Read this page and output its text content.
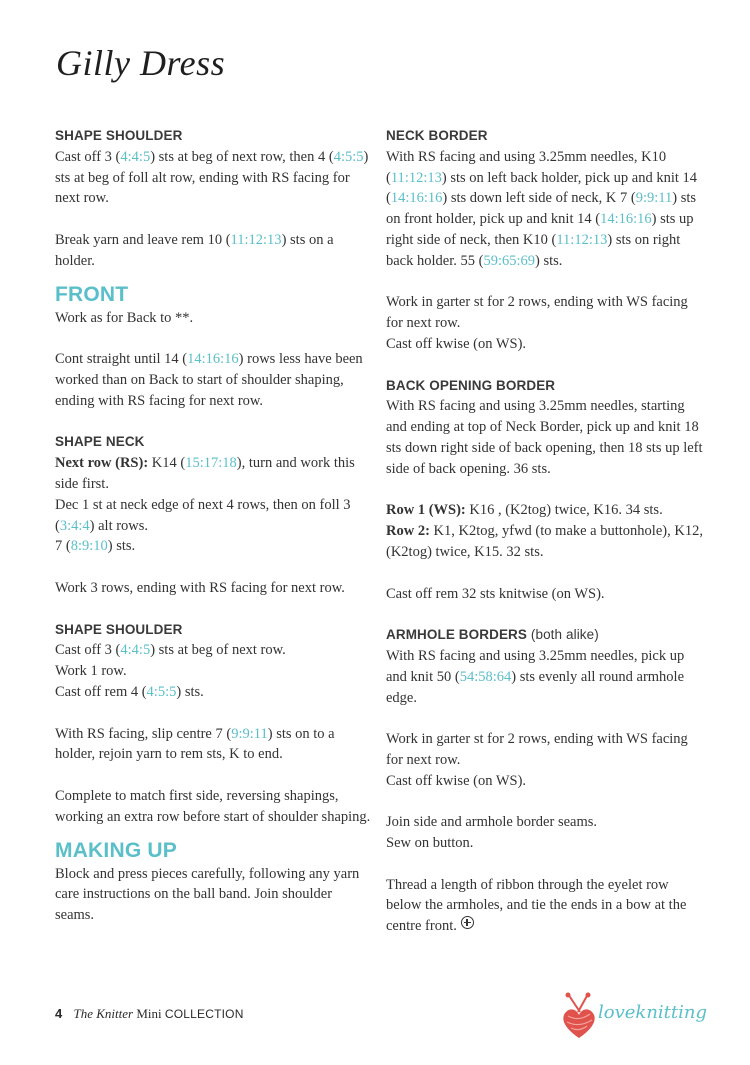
Gilly Dress

SHAPE SHOULDER

Cast off 3 (4:4:5) sts at beg of next row, then 4 (4:5:5) sts at beg of foll alt row, ending with RS facing for next row.

Break yarn and leave rem 10 (11:12:13) sts on a holder.

FRONT

Work as for Back to **.

Cont straight until 14 (14:16:16) rows less have been worked than on Back to start of shoulder shaping, ending with RS facing for next row.

SHAPE NECK

Next row (RS): K14 (15:17:18), turn and work this side first.

Dec 1 st at neck edge of next 4 rows, then on foll 3 (3:4:4) alt rows.

7 (8:9:10) sts.

Work 3 rows, ending with RS facing for next row.

SHAPE SHOULDER

Cast off 3 (4:4:5) sts at beg of next row.

Work 1 row.

Cast off rem 4 (4:5:5) sts.

With RS facing, slip centre 7 (9:9:11) sts on to a holder, rejoin yarn to rem sts, K to end.

Complete to match first side, reversing shapings, working an extra row before start of shoulder shaping.

MAKING UP

Block and press pieces carefully, following any yarn care instructions on the ball band. Join shoulder seams.

NECK BORDER

With RS facing and using 3.25mm needles, K10 (11:12:13) sts on left back holder, pick up and knit 14 (14:16:16) sts down left side of neck, K 7 (9:9:11) sts on front holder, pick up and knit 14 (14:16:16) sts up right side of neck, then K10 (11:12:13) sts on right back holder. 55 (59:65:69) sts.

Work in garter st for 2 rows, ending with WS facing for next row.

Cast off kwise (on WS).

BACK OPENING BORDER

With RS facing and using 3.25mm needles, starting and ending at top of Neck Border, pick up and knit 18 sts down right side of back opening, then 18 sts up left side of back opening. 36 sts.

Row 1 (WS): K16 , (K2tog) twice, K16. 34 sts.

Row 2: K1, K2tog, yfwd (to make a buttonhole), K12, (K2tog) twice, K15. 32 sts.

Cast off rem 32 sts knitwise (on WS).

ARMHOLE BORDERS (both alike)

With RS facing and using 3.25mm needles, pick up and knit 50 (54:58:64) sts evenly all round armhole edge.

Work in garter st for 2 rows, ending with WS facing for next row.

Cast off kwise (on WS).

Join side and armhole border seams.

Sew on button.

Thread a length of ribbon through the eyelet row below the armholes, and tie the ends in a bow at the centre front.

4 The Knitter Mini COLLECTION	loveknitting
